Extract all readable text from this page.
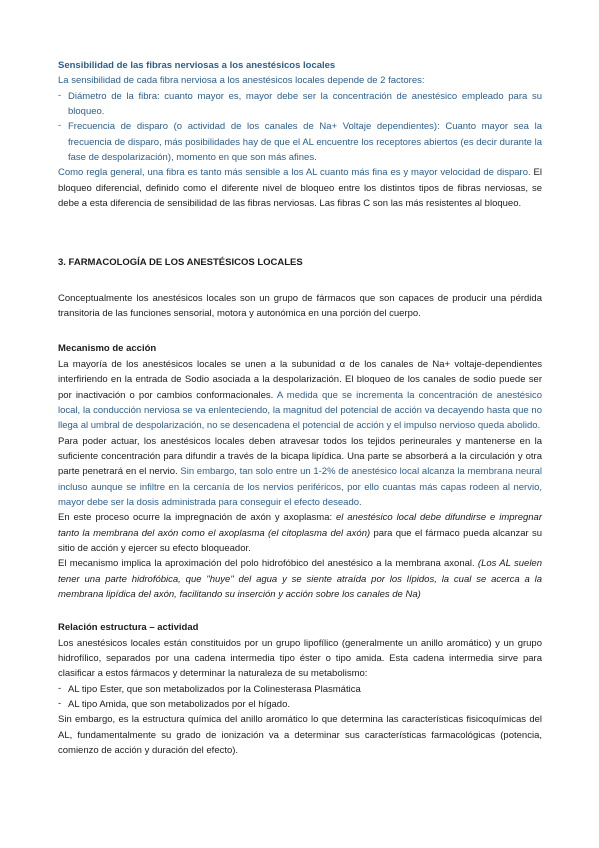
Sensibilidad de las fibras nerviosas a los anestésicos locales

La sensibilidad de cada fibra nerviosa a los anestésicos locales depende de 2 factores:

- Diámetro de la fibra: cuanto mayor es, mayor debe ser la concentración de anestésico empleado para su bloqueo.
- Frecuencia de disparo (o actividad de los canales de Na+ Voltaje dependientes): Cuanto mayor sea la frecuencia de disparo, más posibilidades hay de que el AL encuentre los receptores abiertos (es decir durante la fase de despolarización), momento en que son más afines.

Como regla general, una fibra es tanto más sensible a los AL cuanto más fina es y mayor velocidad de disparo. El bloqueo diferencial, definido como el diferente nivel de bloqueo entre los distintos tipos de fibras nerviosas, se debe a esta diferencia de sensibilidad de las fibras nerviosas. Las fibras C son las más resistentes al bloqueo.

3. FARMACOLOGÍA DE LOS ANESTÉSICOS LOCALES

Conceptualmente los anestésicos locales son un grupo de fármacos que son capaces de producir una pérdida transitoria de las funciones sensorial, motora y autonómica en una porción del cuerpo.

Mecanismo de acción

La mayoría de los anestésicos locales se unen a la subunidad α de los canales de Na+ voltaje-dependientes interfiriendo en la entrada de Sodio asociada a la despolarización. El bloqueo de los canales de sodio puede ser por inactivación o por cambios conformacionales. A medida que se incrementa la concentración de anestésico local, la conducción nerviosa se va enlenteciendo, la magnitud del potencial de acción va decayendo hasta que no llega al umbral de despolarización, no se desencadena el potencial de acción y el impulso nervioso queda abolido.

Para poder actuar, los anestésicos locales deben atravesar todos los tejidos perineurales y mantenerse en la suficiente concentración para difundir a través de la bicapa lipídica. Una parte se absorberá a la circulación y otra parte penetrará en el nervio. Sin embargo, tan solo entre un 1-2% de anestésico local alcanza la membrana neural incluso aunque se infiltre en la cercanía de los nervios periféricos, por ello cuantas más capas rodeen al nervio, mayor debe ser la dosis administrada para conseguir el efecto deseado.

En este proceso ocurre la impregnación de axón y axoplasma: el anestésico local debe difundirse e impregnar tanto la membrana del axón como el axoplasma (el citoplasma del axón) para que el fármaco pueda alcanzar su sitio de acción y ejercer su efecto bloqueador.

El mecanismo implica la aproximación del polo hidrofóbico del anestésico a la membrana axonal. (Los AL suelen tener una parte hidrofóbica, que "huye" del agua y se siente atraída por los lípidos, la cual se acerca a la membrana lipídica del axón, facilitando su inserción y acción sobre los canales de Na)

Relación estructura – actividad

Los anestésicos locales están constituidos por un grupo lipofílico (generalmente un anillo aromático) y un grupo hidrofílico, separados por una cadena intermedia tipo éster o tipo amida. Esta cadena intermedia sirve para clasificar a estos fármacos y determinar la naturaleza de su metabolismo:

- AL tipo Ester, que son metabolizados por la Colinesterasa Plasmática
- AL tipo Amida, que son metabolizados por el hígado.

Sin embargo, es la estructura química del anillo aromático lo que determina las características fisicoquímicas del AL, fundamentalmente su grado de ionización va a determinar sus características farmacológicas (potencia, comienzo de acción y duración del efecto).
